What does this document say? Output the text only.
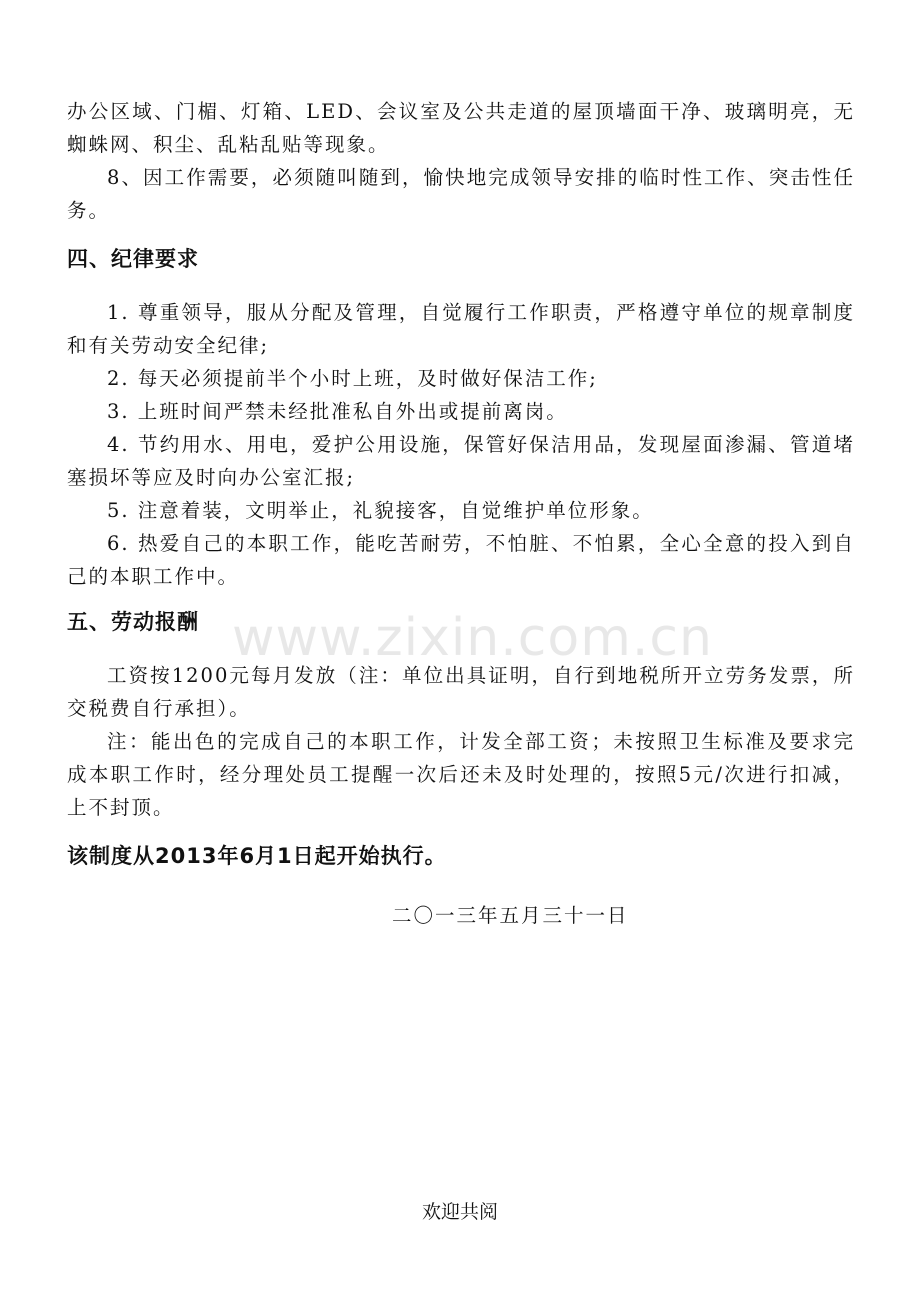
办公区域、门楣、灯箱、LED、会议室及公共走道的屋顶墙面干净、玻璃明亮，无蜘蛛网、积尘、乱粘乱贴等现象。

8、因工作需要，必须随叫随到，愉快地完成领导安排的临时性工作、突击性任务。

四、纪律要求

1. 尊重领导，服从分配及管理，自觉履行工作职责，严格遵守单位的规章制度和有关劳动安全纪律;

2. 每天必须提前半个小时上班，及时做好保洁工作;

3. 上班时间严禁未经批准私自外出或提前离岗。

4. 节约用水、用电，爱护公用设施，保管好保洁用品，发现屋面渗漏、管道堵塞损坏等应及时向办公室汇报;

5. 注意着装，文明举止，礼貌接客，自觉维护单位形象。

6. 热爱自己的本职工作，能吃苦耐劳，不怕脏、不怕累，全心全意的投入到自己的本职工作中。

www.zixin.com.cn
五、劳动报酬

工资按1200元每月发放（注：单位出具证明，自行到地税所开立劳务发票，所交税费自行承担）。

注：能出色的完成自己的本职工作，计发全部工资；未按照卫生标准及要求完成本职工作时，经分理处员工提醒一次后还未及时处理的，按照5元/次进行扣减，上不封顶。

该制度从2013年6月1日起开始执行。

二〇一三年五月三十一日

欢迎共阅
